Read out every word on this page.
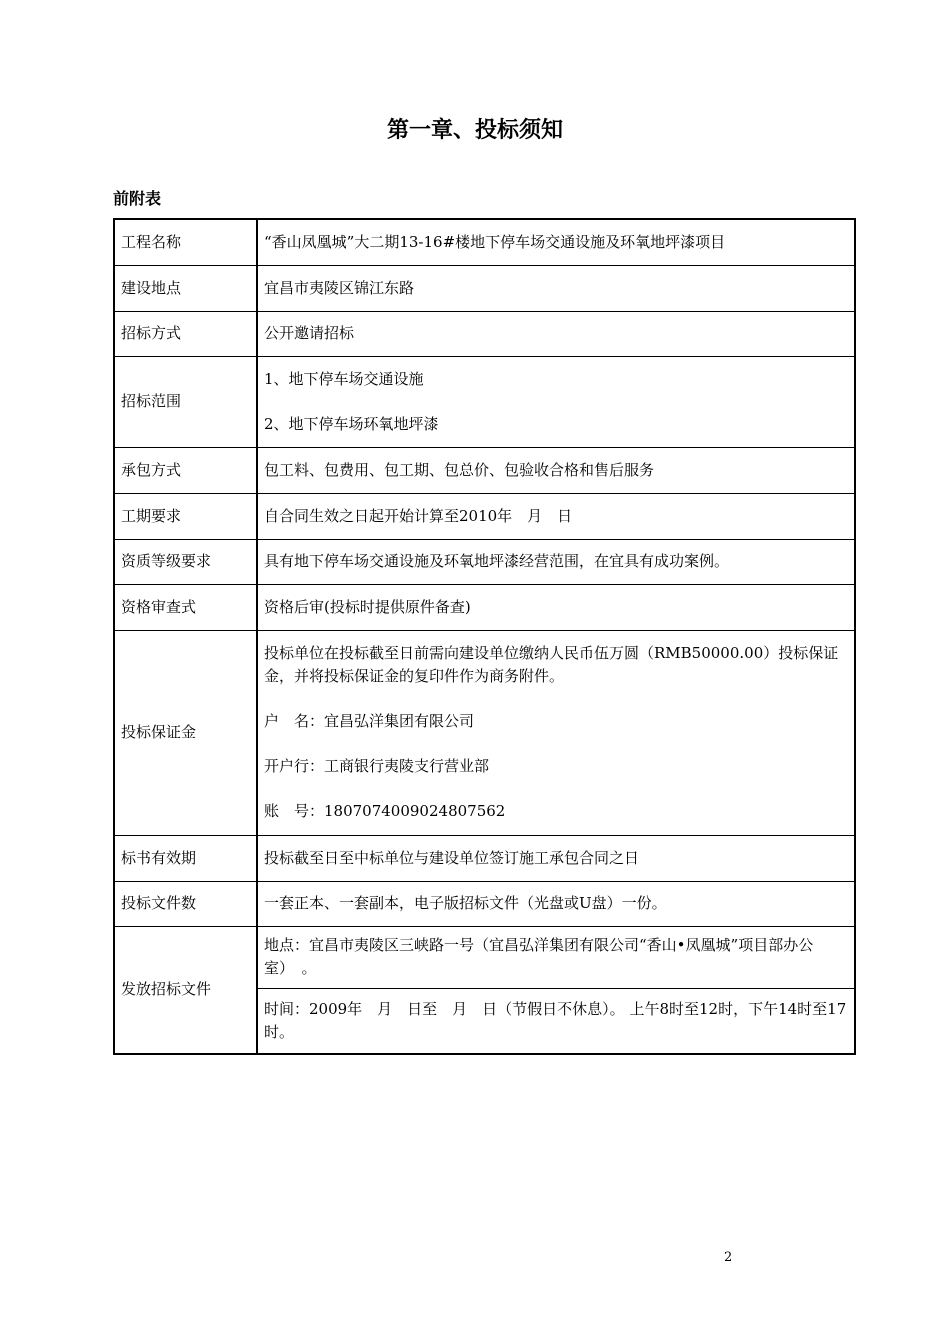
第一章、投标须知
前附表
工程名称	“香山凤凰城”大二期13-16#楼地下停车场交通设施及环氧地坪漆项目
建设地点	宜昌市夷陵区锦江东路
招标方式	公开邀请招标
招标范围	1、地下停车场交通设施

2、地下停车场环氧地坪漆

承包方式	包工料、包费用、包工期、包总价、包验收合格和售后服务
工期要求	自合同生效之日起开始计算至2010年　月　日
资质等级要求	具有地下停车场交通设施及环氧地坪漆经营范围，在宜具有成功案例。
资格审查式	资格后审(投标时提供原件备查)
投标保证金	投标单位在投标截至日前需向建设单位缴纳人民币伍万圆（RMB50000.00）投标保证金，并将投标保证金的复印件作为商务附件。

户　名：宜昌弘洋集团有限公司

开户行：工商银行夷陵支行营业部

账　号：1807074009024807562

标书有效期	投标截至日至中标单位与建设单位签订施工承包合同之日
投标文件数	一套正本、一套副本，电子版招标文件（光盘或U盘）一份。
发放招标文件	地点：宜昌市夷陵区三峡路一号（宜昌弘洋集团有限公司“香山•凤凰城”项目部办公室）　。
	时间：2009年　月　日至　月　日（节假日不休息）。 上午8时至12时，下午14时至17时。
2
